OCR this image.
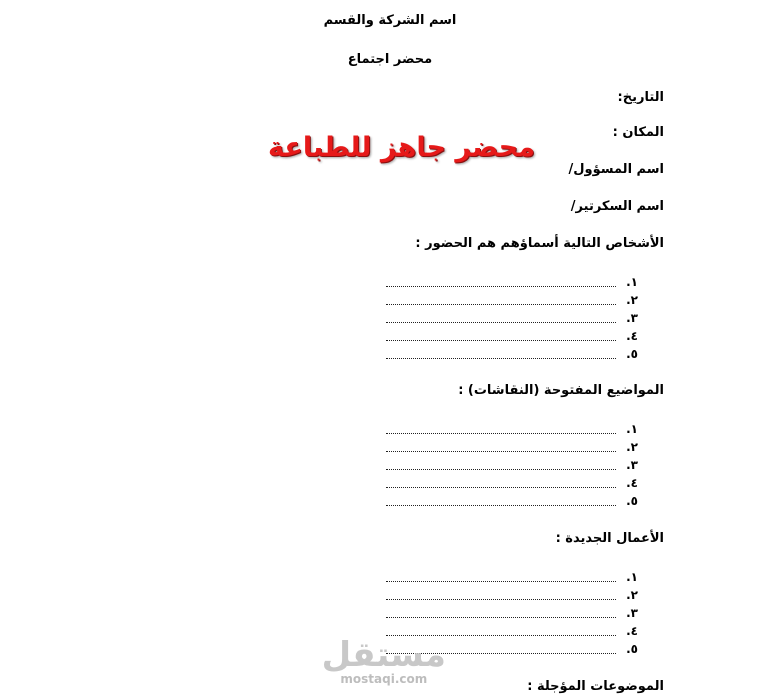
اسم الشركة والقسم
محضر اجتماع
التاريخ:
المكان :
اسم المسؤول/
اسم السكرتير/
محضر جاهز للطباعة
الأشخاص التالية أسماؤهم هم الحضور :
١.
٢.
٣.
٤.
٥.
المواضيع المفتوحة (النقاشات) :
١.
٢.
٣.
٤.
٥.
الأعمال الجديدة :
١.
٢.
٣.
٤.
٥.
الموضوعات المؤجلة :
مستقل
mostaqi.com
